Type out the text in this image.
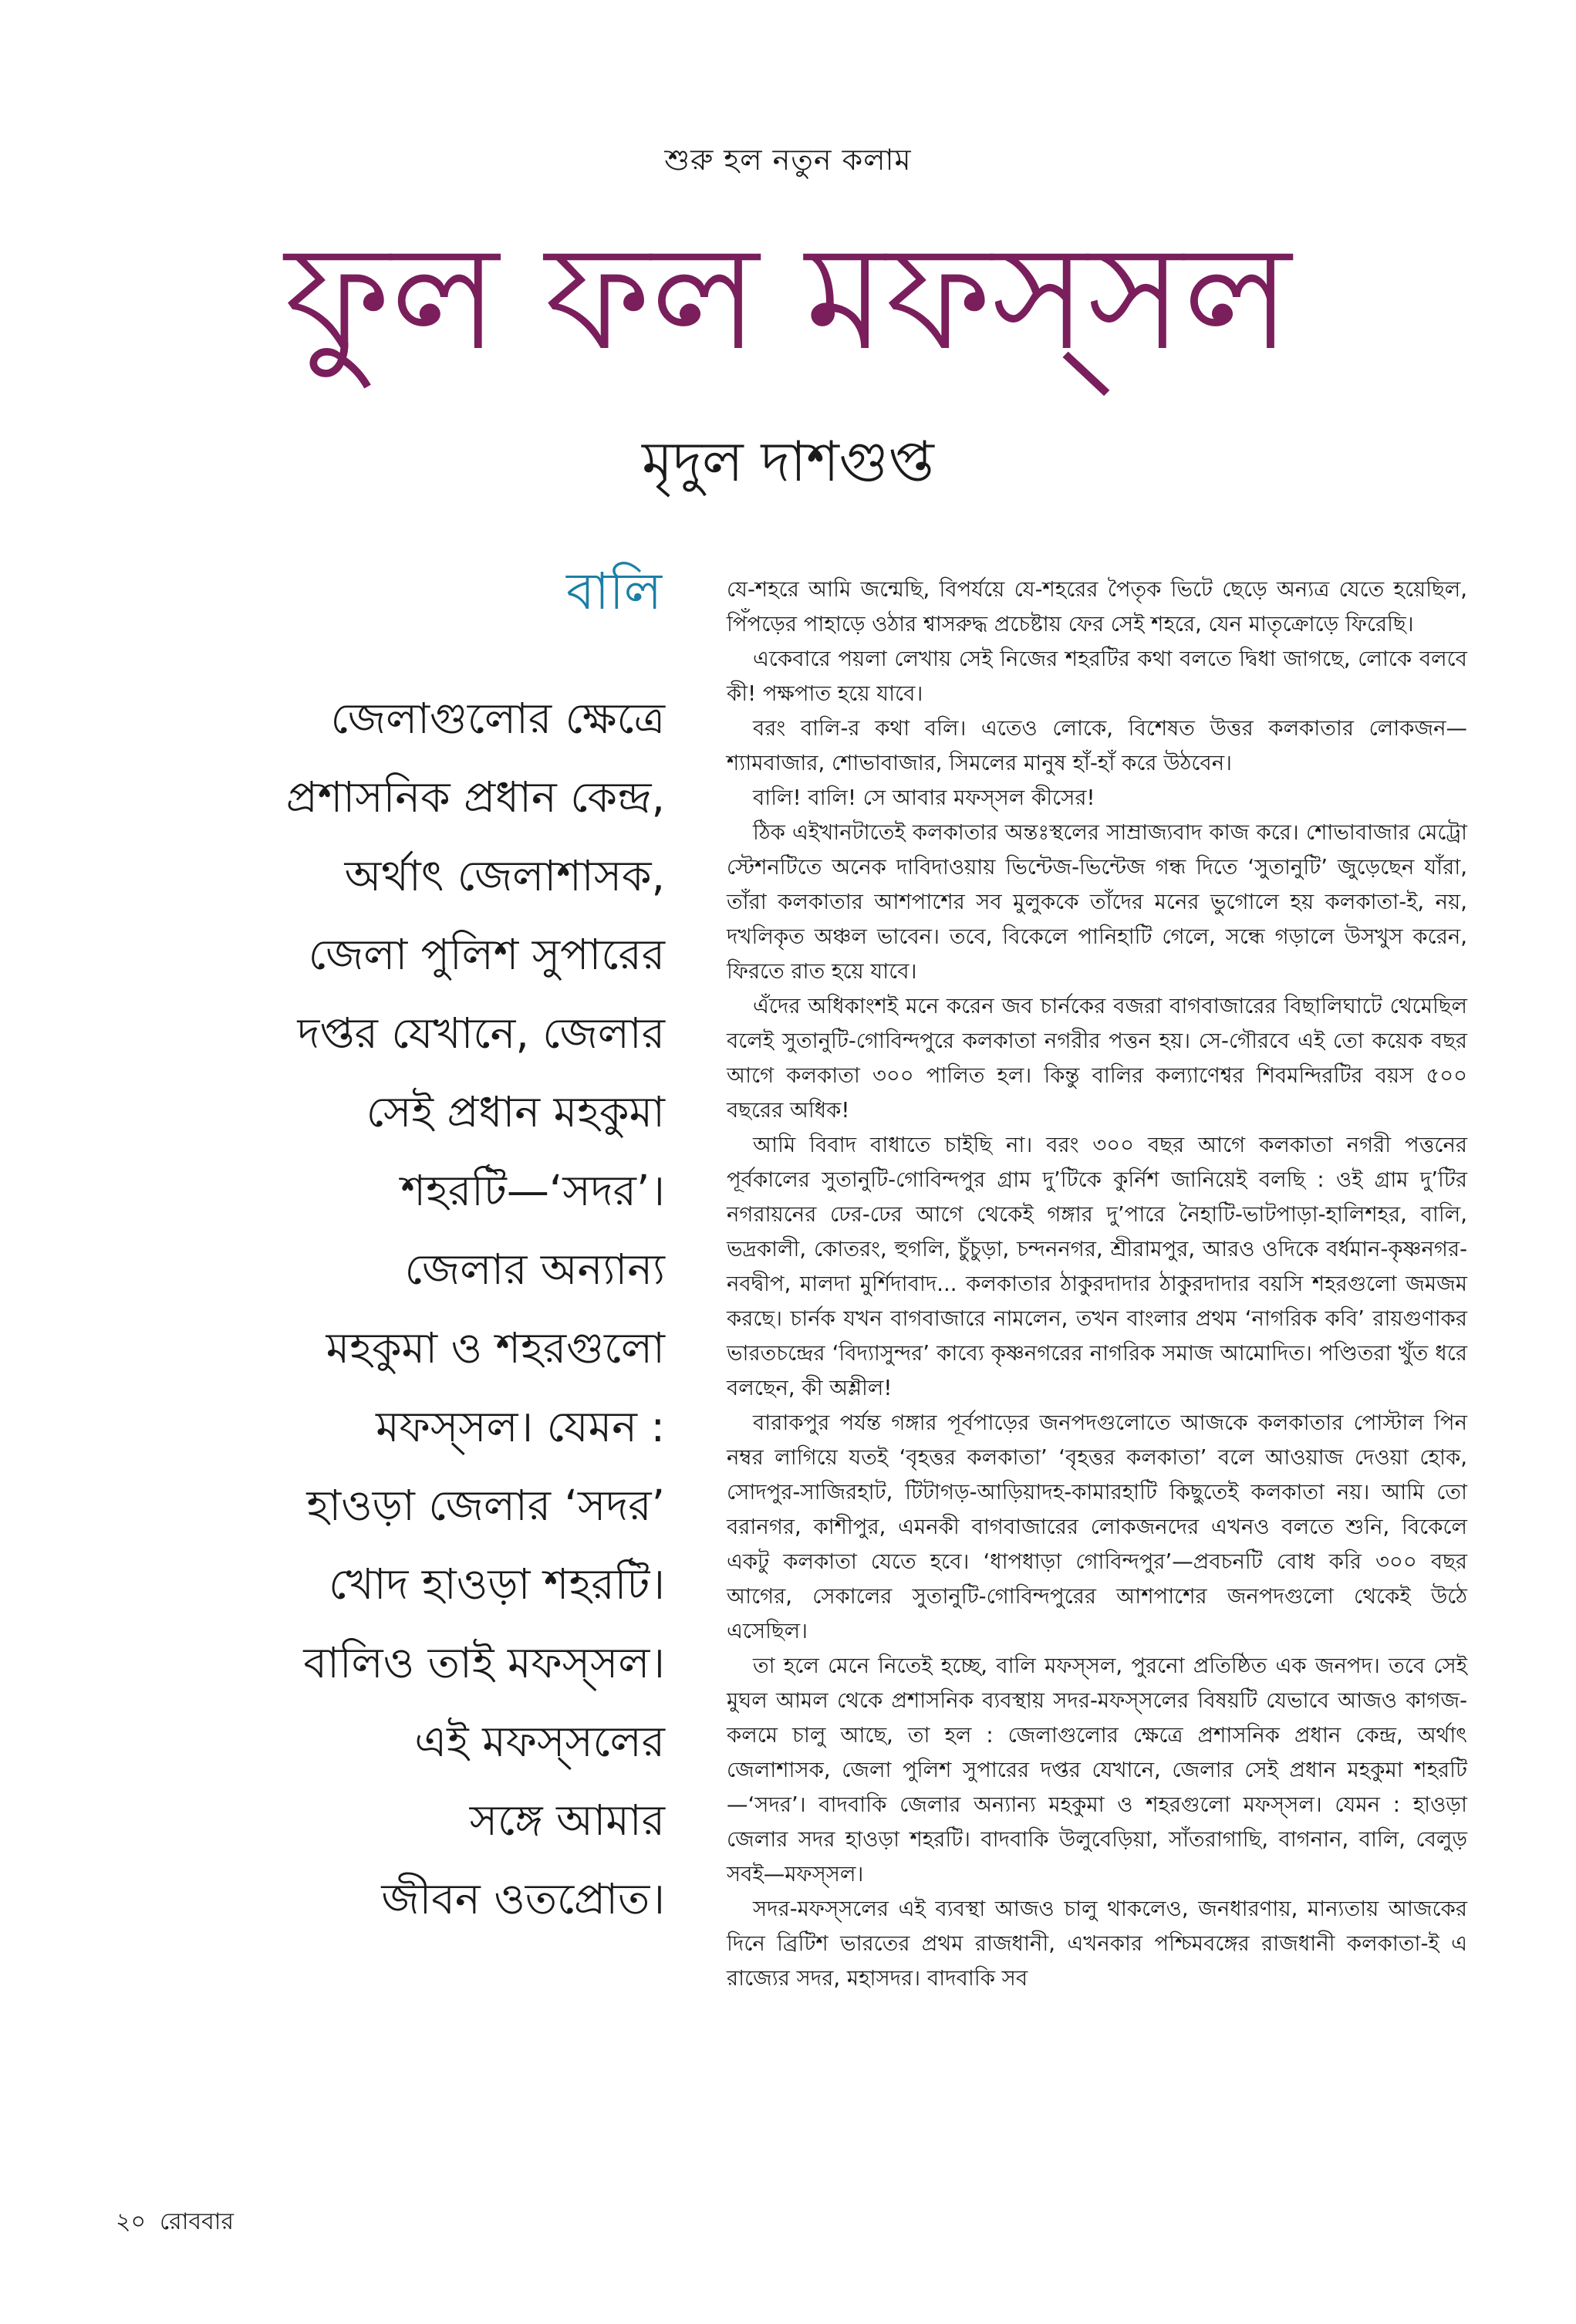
শুরু হল নতুন কলাম
ফুল ফল মফস্‌সল
মৃদুল দাশগুপ্ত
বালি
জেলাগুলোর ক্ষেত্রে
প্রশাসনিক প্রধান কেন্দ্র,
অর্থাৎ জেলাশাসক,
জেলা পুলিশ সুপারের
দপ্তর যেখানে, জেলার
সেই প্রধান মহকুমা
শহরটি—‘সদর’।
জেলার অন্যান্য
মহকুমা ও শহরগুলো
মফস্‌সল। যেমন :
হাওড়া জেলার ‘সদর’
খোদ হাওড়া শহরটি।
বালিও তাই মফস্‌সল।
এই মফস্‌সলের
সঙ্গে আমার
জীবন ওতপ্রোত।

যে-শহরে আমি জন্মেছি, বিপর্যয়ে যে-শহরের পৈতৃক ভিটে ছেড়ে অন্যত্র যেতে হয়েছিল, পিঁপড়ের পাহাড়ে ওঠার শ্বাসরুদ্ধ প্রচেষ্টায় ফের সেই শহরে, যেন মাতৃক্রোড়ে ফিরেছি।

একেবারে পয়লা লেখায় সেই নিজের শহরটির কথা বলতে দ্বিধা জাগছে, লোকে বলবে কী! পক্ষপাত হয়ে যাবে।

বরং বালি-র কথা বলি। এতেও লোকে, বিশেষত উত্তর কলকাতার লোকজন—শ্যামবাজার, শোভাবাজার, সিমলের মানুষ হাঁ-হাঁ করে উঠবেন।

বালি! বালি! সে আবার মফস্‌সল কীসের!

ঠিক এইখানটাতেই কলকাতার অন্তঃস্থলের সাম্রাজ্যবাদ কাজ করে। শোভাবাজার মেট্রো স্টেশনটিতে অনেক দাবিদাওয়ায় ভিন্টেজ-ভিন্টেজ গন্ধ দিতে ‘সুতানুটি’ জুড়েছেন যাঁরা, তাঁরা কলকাতার আশপাশের সব মুলুককে তাঁদের মনের ভুগোলে হয় কলকাতা-ই, নয়, দখলিকৃত অঞ্চল ভাবেন। তবে, বিকেলে পানিহাটি গেলে, সন্ধে গড়ালে উসখুস করেন, ফিরতে রাত হয়ে যাবে।

এঁদের অধিকাংশই মনে করেন জব চার্নকের বজরা বাগবাজারের বিছালিঘাটে থেমেছিল বলেই সুতানুটি-গোবিন্দপুরে কলকাতা নগরীর পত্তন হয়। সে-গৌরবে এই তো কয়েক বছর আগে কলকাতা ৩০০ পালিত হল। কিন্তু বালির কল্যাণেশ্বর শিবমন্দিরটির বয়স ৫০০ বছরের অধিক!

আমি বিবাদ বাধাতে চাইছি না। বরং ৩০০ বছর আগে কলকাতা নগরী পত্তনের পূর্বকালের সুতানুটি-গোবিন্দপুর গ্রাম দু’টিকে কুর্নিশ জানিয়েই বলছি : ওই গ্রাম দু’টির নগরায়নের ঢের-ঢের আগে থেকেই গঙ্গার দু’পারে নৈহাটি-ভাটপাড়া-হালিশহর, বালি, ভদ্রকালী, কোতরং, হুগলি, চুঁচুড়া, চন্দননগর, শ্রীরামপুর, আরও ওদিকে বর্ধমান-কৃষ্ণনগর-নবদ্বীপ, মালদা মুর্শিদাবাদ... কলকাতার ঠাকুরদাদার ঠাকুরদাদার বয়সি শহরগুলো জমজম করছে। চার্নক যখন বাগবাজারে নামলেন, তখন বাংলার প্রথম ‘নাগরিক কবি’ রায়গুণাকর ভারতচন্দ্রের ‘বিদ্যাসুন্দর’ কাব্যে কৃষ্ণনগরের নাগরিক সমাজ আমোদিত। পণ্ডিতরা খুঁত ধরে বলছেন, কী অশ্লীল!

বারাকপুর পর্যন্ত গঙ্গার পূর্বপাড়ের জনপদগুলোতে আজকে কলকাতার পোস্টাল পিন নম্বর লাগিয়ে যতই ‘বৃহত্তর কলকাতা’ ‘বৃহত্তর কলকাতা’ বলে আওয়াজ দেওয়া হোক, সোদপুর-সাজিরহাট, টিটাগড়-আড়িয়াদহ-কামারহাটি কিছুতেই কলকাতা নয়। আমি তো বরানগর, কাশীপুর, এমনকী বাগবাজারের লোকজনদের এখনও বলতে শুনি, বিকেলে একটু কলকাতা যেতে হবে। ‘ধাপধাড়া গোবিন্দপুর’—প্রবচনটি বোধ করি ৩০০ বছর আগের, সেকালের সুতানুটি-গোবিন্দপুরের আশপাশের জনপদগুলো থেকেই উঠে এসেছিল।

তা হলে মেনে নিতেই হচ্ছে, বালি মফস্‌সল, পুরনো প্রতিষ্ঠিত এক জনপদ। তবে সেই মুঘল আমল থেকে প্রশাসনিক ব্যবস্থায় সদর-মফস্‌সলের বিষয়টি যেভাবে আজও কাগজ-কলমে চালু আছে, তা হল : জেলাগুলোর ক্ষেত্রে প্রশাসনিক প্রধান কেন্দ্র, অর্থাৎ জেলাশাসক, জেলা পুলিশ সুপারের দপ্তর যেখানে, জেলার সেই প্রধান মহকুমা শহরটি—‘সদর’। বাদবাকি জেলার অন্যান্য মহকুমা ও শহরগুলো মফস্‌সল। যেমন : হাওড়া জেলার সদর হাওড়া শহরটি। বাদবাকি উলুবেড়িয়া, সাঁতরাগাছি, বাগনান, বালি, বেলুড় সবই—মফস্‌সল।

সদর-মফস্‌সলের এই ব্যবস্থা আজও চালু থাকলেও, জনধারণায়, মান্যতায় আজকের দিনে ব্রিটিশ ভারতের প্রথম রাজধানী, এখনকার পশ্চিমবঙ্গের রাজধানী কলকাতা-ই এ রাজ্যের সদর, মহাসদর। বাদবাকি সব

২০ রোববার
